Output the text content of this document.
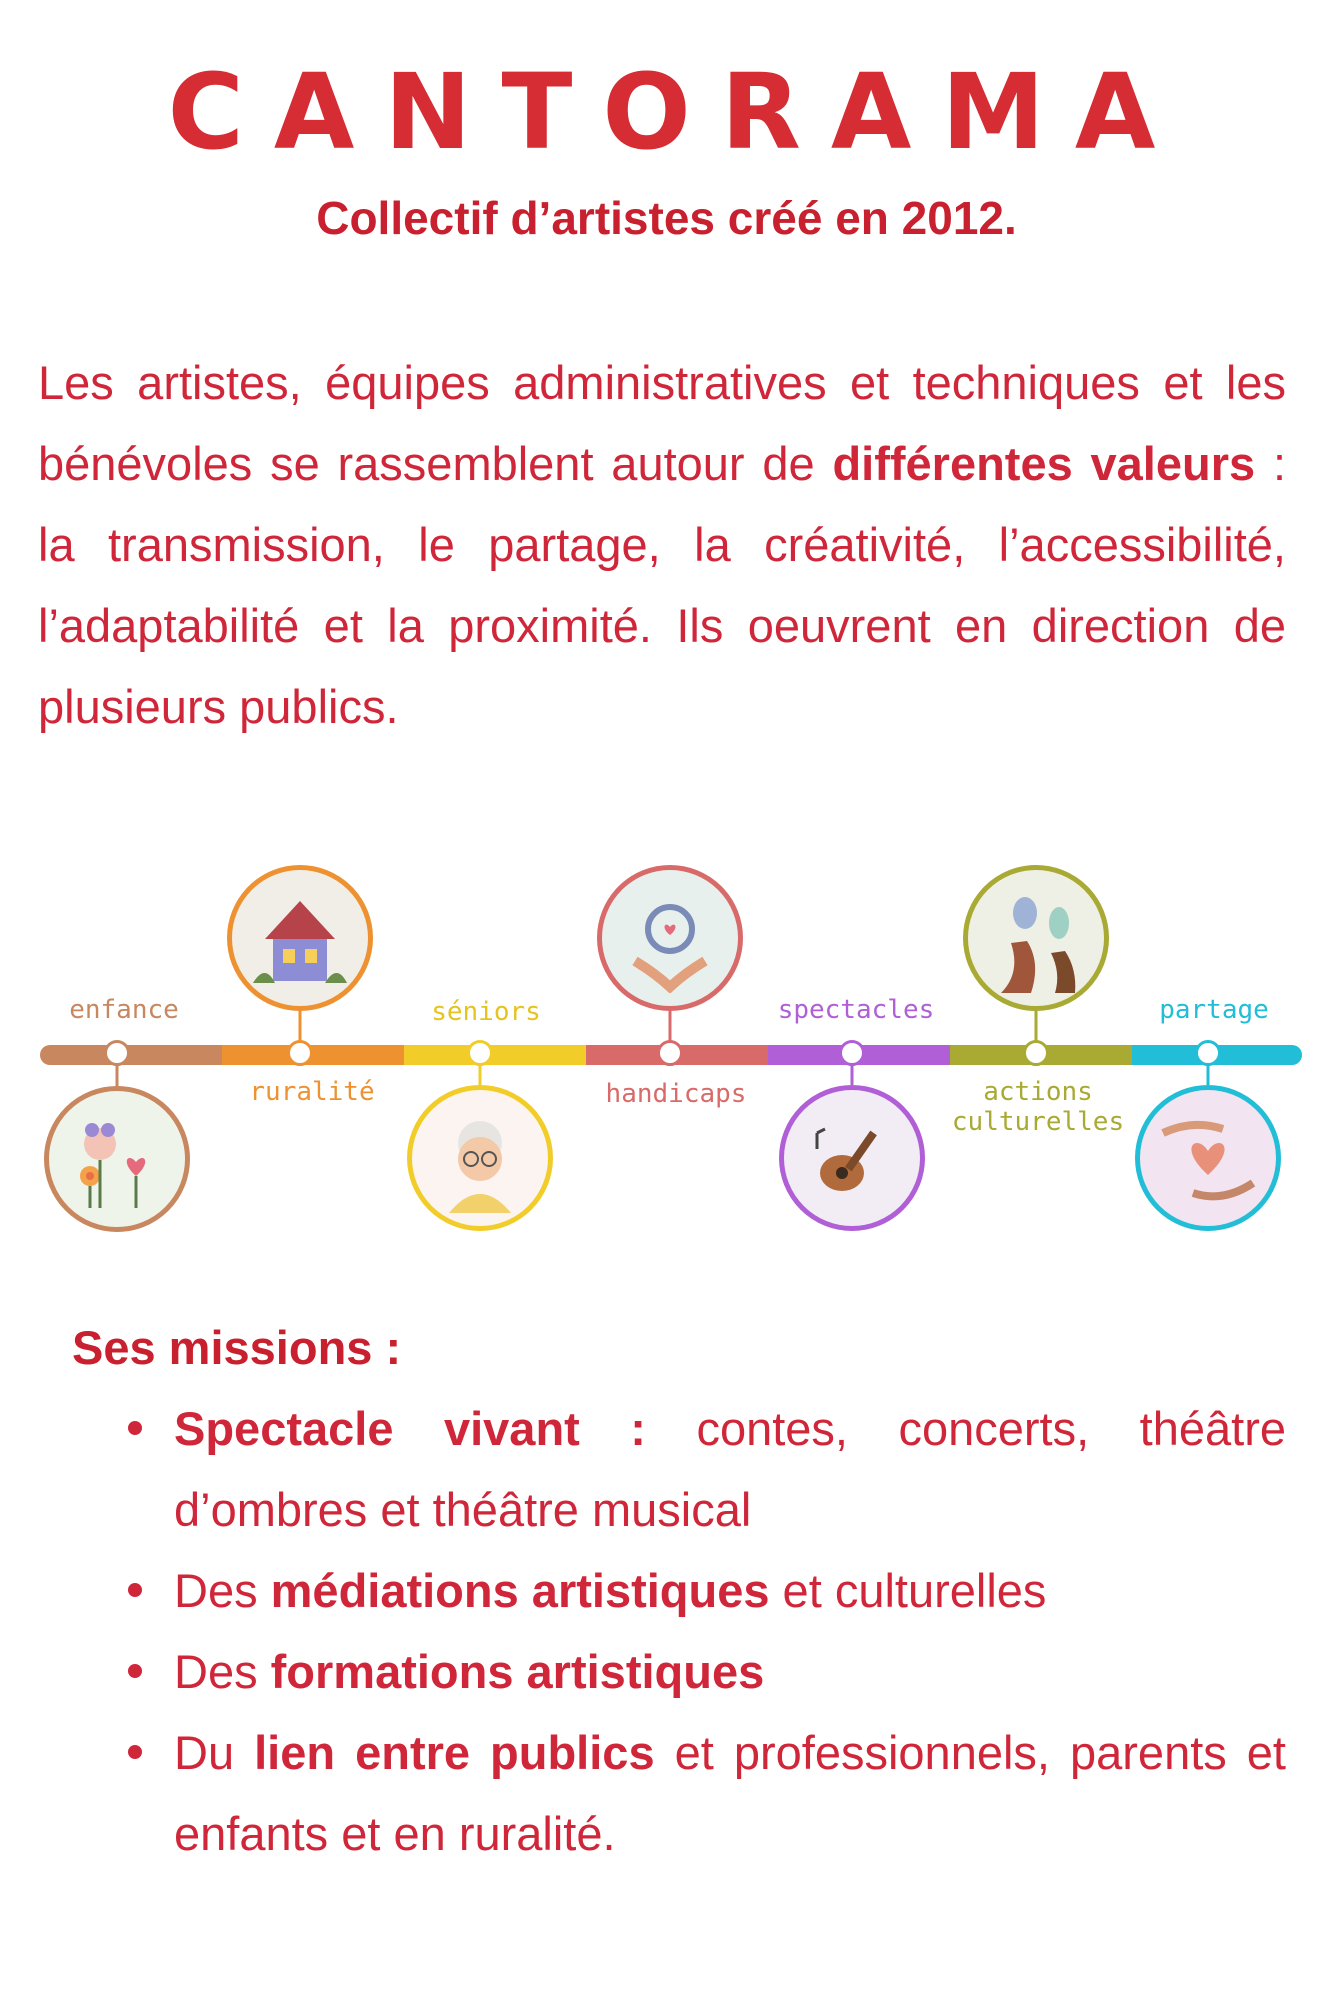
CANTORAMA
Collectif d’artistes créé en 2012.

Les artistes, équipes administratives et techniques et les bénévoles se rassemblent autour de différentes valeurs : la transmission, le partage, la créativité, l’accessibilité, l’adaptabilité et la proximité. Ils oeuvrent en direction de plusieurs publics.

enfance
ruralité
séniors
handicaps
spectacles
actions
culturelles
partage
Ses missions :
Spectacle vivant : contes, concerts, théâtre d’ombres et théâtre musical
Des médiations artistiques et culturelles
Des formations artistiques
Du lien entre publics et professionnels, parents et enfants et en ruralité.
